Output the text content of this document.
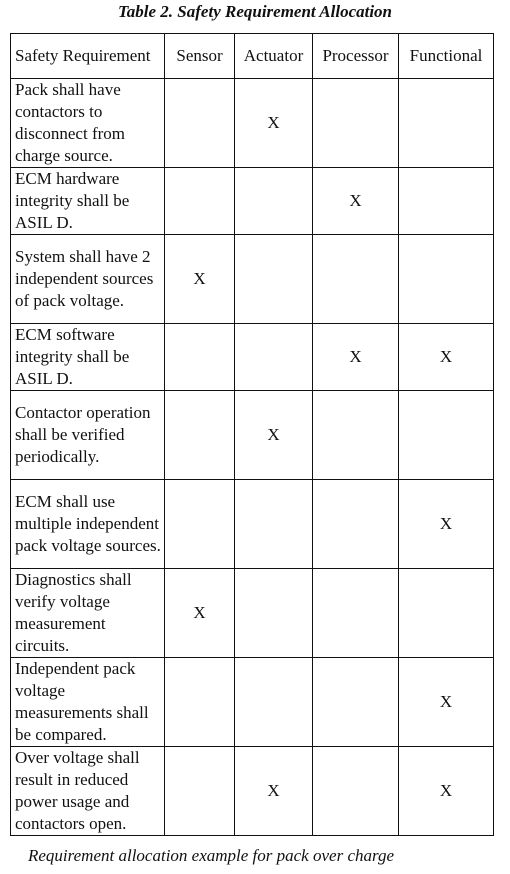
Table 2. Safety Requirement Allocation
Safety Requirement	Sensor	Actuator	Processor	Functional
Pack shall have contactors to disconnect from charge source.		X		
ECM hardware integrity shall be ASIL D.			X	
System shall have 2 independent sources of pack voltage.	X			
ECM software integrity shall be ASIL D.			X	X
Contactor operation shall be verified periodically.		X		
ECM shall use multiple independent pack voltage sources.				X
Diagnostics shall verify voltage measurement circuits.	X			
Independent pack voltage measurements shall be compared.				X
Over voltage shall result in reduced power usage and contactors open.		X		X
Requirement allocation example for pack over charge
